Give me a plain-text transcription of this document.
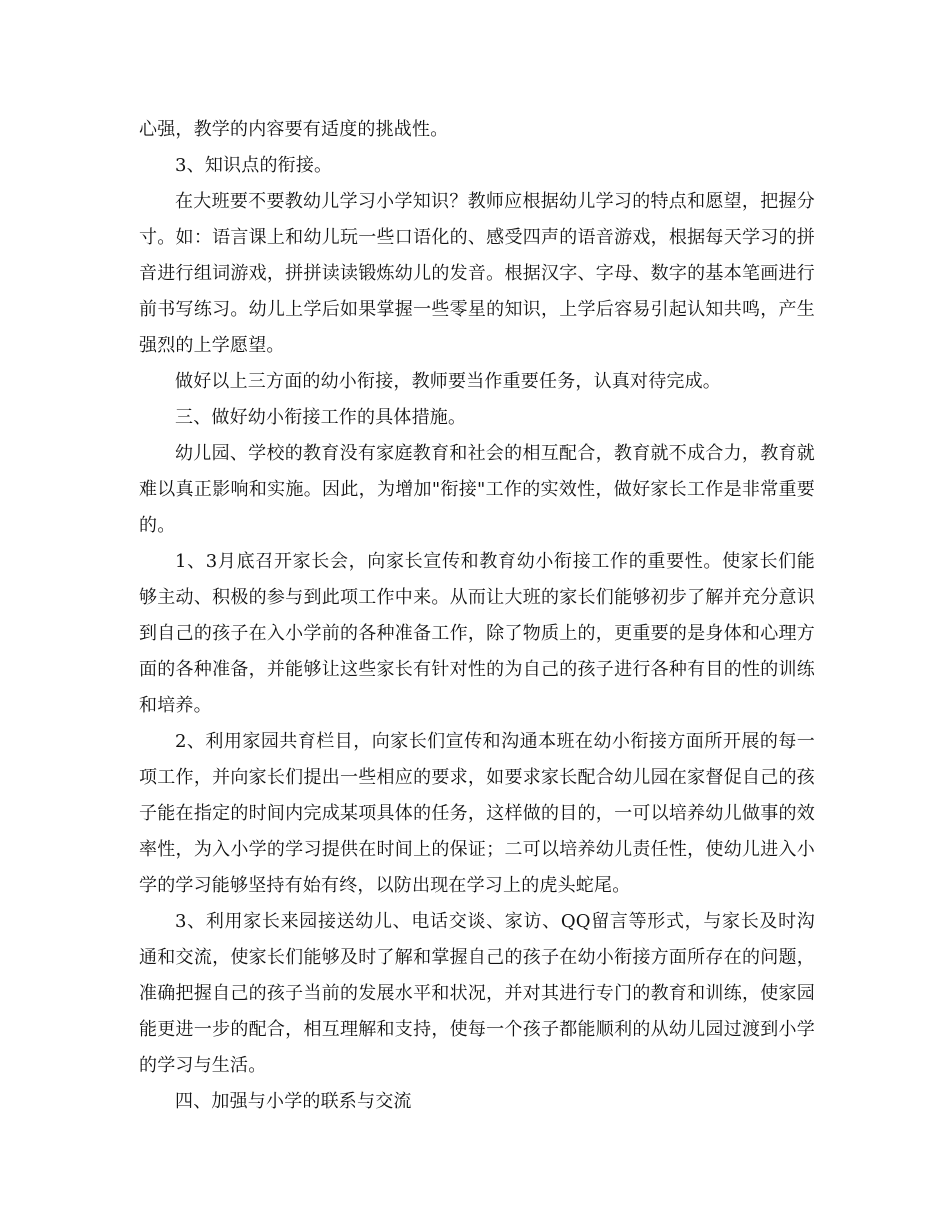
心强，教学的内容要有适度的挑战性。

3、知识点的衔接。

在大班要不要教幼儿学习小学知识？教师应根据幼儿学习的特点和愿望，把握分寸。如：语言课上和幼儿玩一些口语化的、感受四声的语音游戏，根据每天学习的拼音进行组词游戏，拼拼读读锻炼幼儿的发音。根据汉字、字母、数字的基本笔画进行前书写练习。幼儿上学后如果掌握一些零星的知识，上学后容易引起认知共鸣，产生强烈的上学愿望。

做好以上三方面的幼小衔接，教师要当作重要任务，认真对待完成。

三、做好幼小衔接工作的具体措施。

幼儿园、学校的教育没有家庭教育和社会的相互配合，教育就不成合力，教育就难以真正影响和实施。因此，为增加"衔接"工作的实效性，做好家长工作是非常重要的。

1、3月底召开家长会，向家长宣传和教育幼小衔接工作的重要性。使家长们能够主动、积极的参与到此项工作中来。从而让大班的家长们能够初步了解并充分意识到自己的孩子在入小学前的各种准备工作，除了物质上的，更重要的是身体和心理方面的各种准备，并能够让这些家长有针对性的为自己的孩子进行各种有目的性的训练和培养。

2、利用家园共育栏目，向家长们宣传和沟通本班在幼小衔接方面所开展的每一项工作，并向家长们提出一些相应的要求，如要求家长配合幼儿园在家督促自己的孩子能在指定的时间内完成某项具体的任务，这样做的目的，一可以培养幼儿做事的效率性，为入小学的学习提供在时间上的保证；二可以培养幼儿责任性，使幼儿进入小学的学习能够坚持有始有终，以防出现在学习上的虎头蛇尾。

3、利用家长来园接送幼儿、电话交谈、家访、QQ留言等形式，与家长及时沟通和交流，使家长们能够及时了解和掌握自己的孩子在幼小衔接方面所存在的问题，准确把握自己的孩子当前的发展水平和状况，并对其进行专门的教育和训练，使家园能更进一步的配合，相互理解和支持，使每一个孩子都能顺利的从幼儿园过渡到小学的学习与生活。

四、加强与小学的联系与交流
